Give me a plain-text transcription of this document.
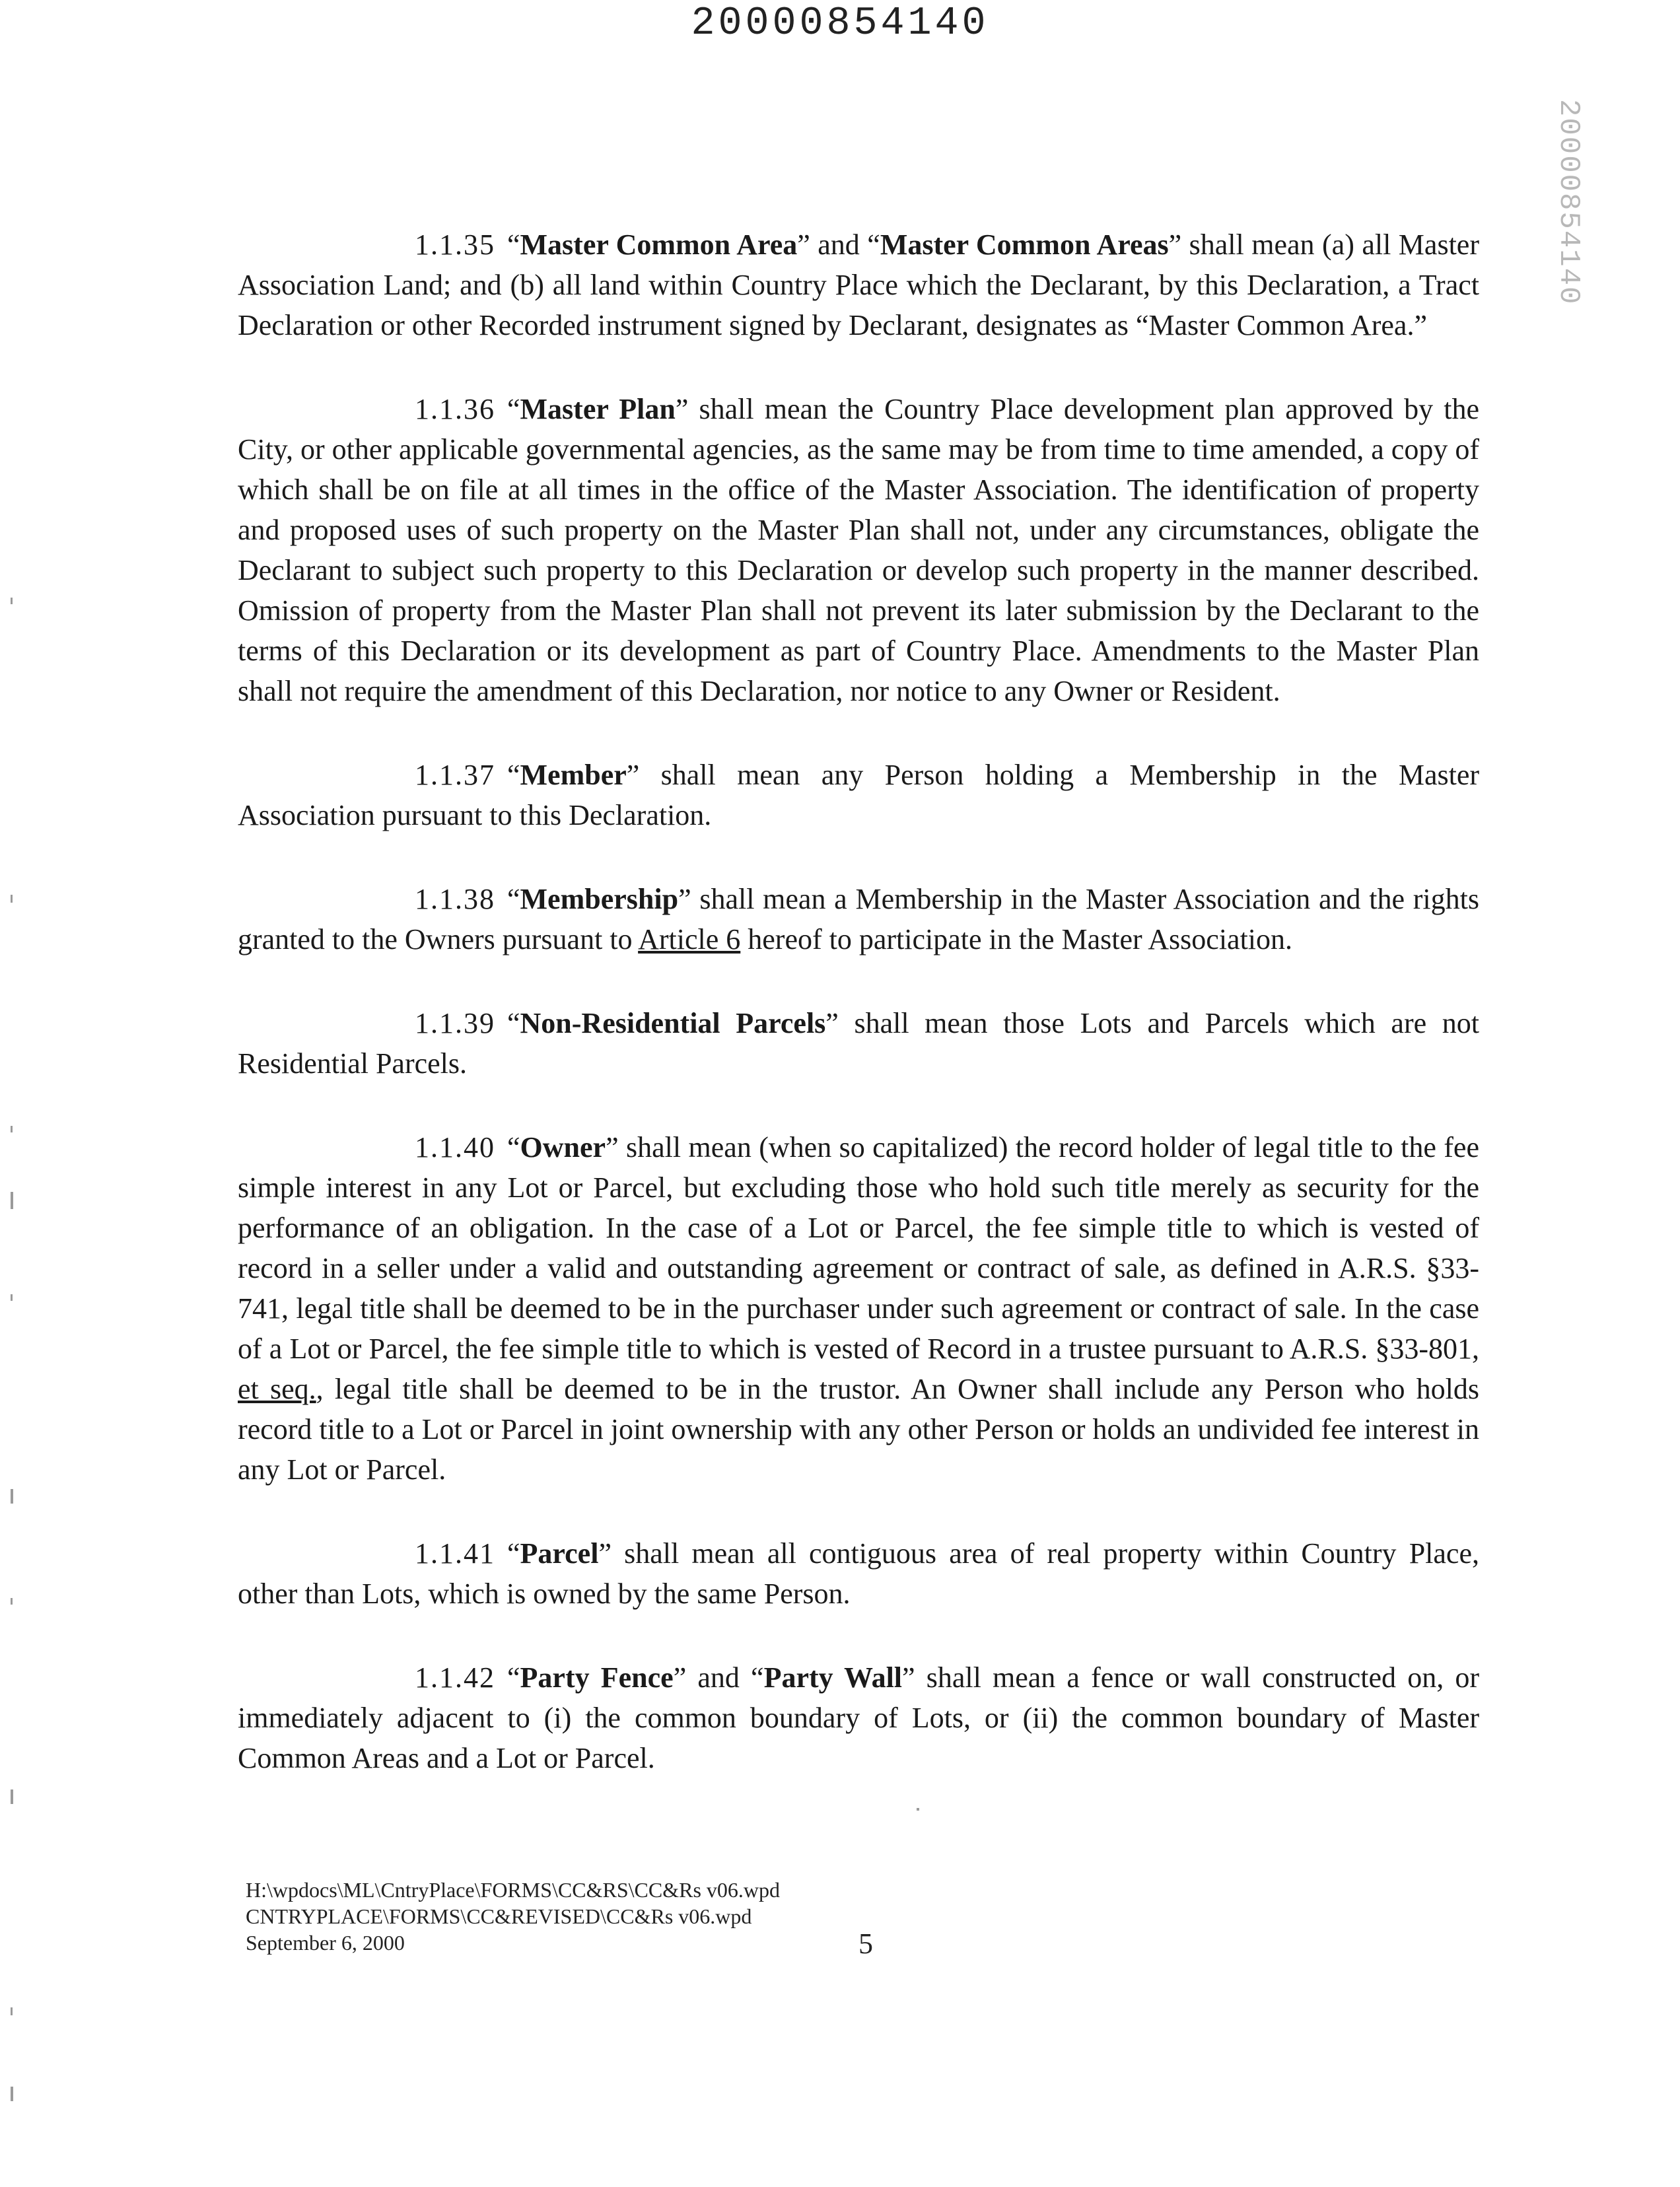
20000854140
20000854140

1.1.35 “Master Common Area” and “Master Common Areas” shall mean (a) all Master Association Land; and (b) all land within Country Place which the Declarant, by this Declaration, a Tract Declaration or other Recorded instrument signed by Declarant, designates as “Master Common Area.”

1.1.36 “Master Plan” shall mean the Country Place development plan approved by the City, or other applicable governmental agencies, as the same may be from time to time amended, a copy of which shall be on file at all times in the office of the Master Association. The identification of property and proposed uses of such property on the Master Plan shall not, under any circumstances, obligate the Declarant to subject such property to this Declaration or develop such property in the manner described. Omission of property from the Master Plan shall not prevent its later submission by the Declarant to the terms of this Declaration or its development as part of Country Place. Amendments to the Master Plan shall not require the amendment of this Declaration, nor notice to any Owner or Resident.

1.1.37 “Member” shall mean any Person holding a Membership in the Master Association pursuant to this Declaration.

1.1.38 “Membership” shall mean a Membership in the Master Association and the rights granted to the Owners pursuant to Article 6 hereof to participate in the Master Association.

1.1.39 “Non-Residential Parcels” shall mean those Lots and Parcels which are not Residential Parcels.

1.1.40 “Owner” shall mean (when so capitalized) the record holder of legal title to the fee simple interest in any Lot or Parcel, but excluding those who hold such title merely as security for the performance of an obligation. In the case of a Lot or Parcel, the fee simple title to which is vested of record in a seller under a valid and outstanding agreement or contract of sale, as defined in A.R.S. §33-741, legal title shall be deemed to be in the purchaser under such agreement or contract of sale. In the case of a Lot or Parcel, the fee simple title to which is vested of Record in a trustee pursuant to A.R.S. §33-801, et seq., legal title shall be deemed to be in the trustor. An Owner shall include any Person who holds record title to a Lot or Parcel in joint ownership with any other Person or holds an undivided fee interest in any Lot or Parcel.

1.1.41 “Parcel” shall mean all contiguous area of real property within Country Place, other than Lots, which is owned by the same Person.

1.1.42 “Party Fence” and “Party Wall” shall mean a fence or wall constructed on, or immediately adjacent to (i) the common boundary of Lots, or (ii) the common boundary of Master Common Areas and a Lot or Parcel.

H:\wpdocs\ML\CntryPlace\FORMS\CC&RS\CC&Rs v06.wpd
CNTRYPLACE\FORMS\CC&REVISED\CC&Rs v06.wpd
September 6, 2000	5
